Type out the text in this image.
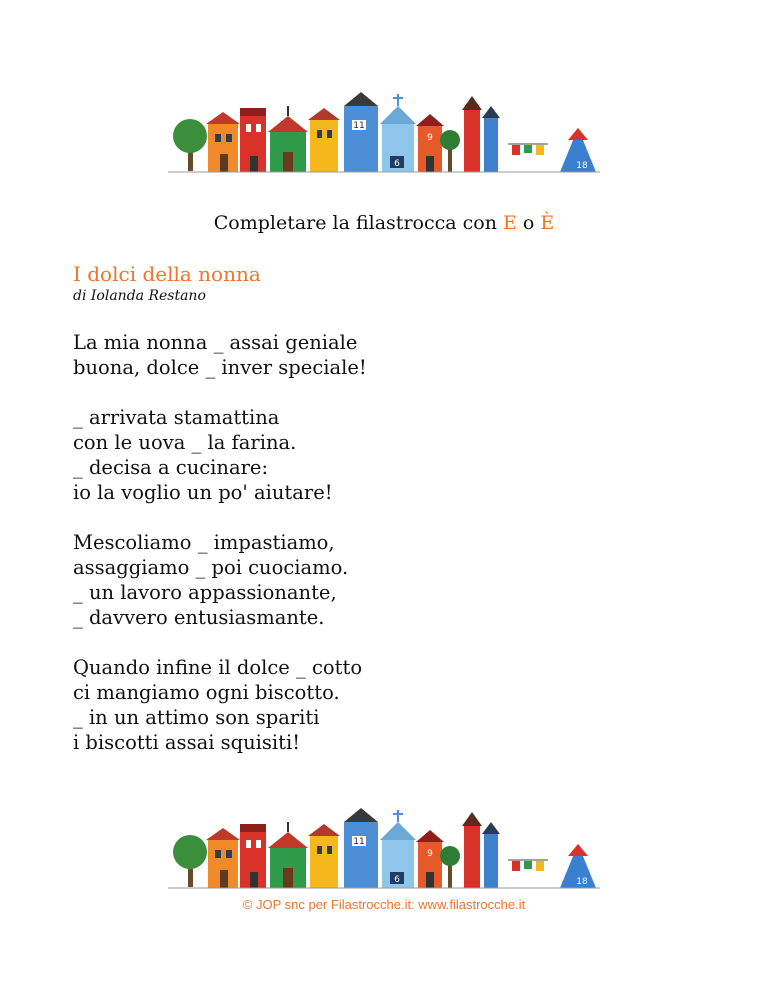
11
6
9
18
Completare la filastrocca con E o È
I dolci della nonna
di Iolanda Restano
La mia nonna _ assai geniale
buona, dolce _ inver speciale!
_ arrivata stamattina
con le uova _ la farina.
_ decisa a cucinare:
io la voglio un po' aiutare!
Mescoliamo _ impastiamo,
assaggiamo _ poi cuociamo.
_ un lavoro appassionante,
_ davvero entusiasmante.
Quando infine il dolce _ cotto
ci mangiamo ogni biscotto.
_ in un attimo son spariti
i biscotti assai squisiti!
11
6
9
18
© JOP snc per Filastrocche.it: www.filastrocche.it
